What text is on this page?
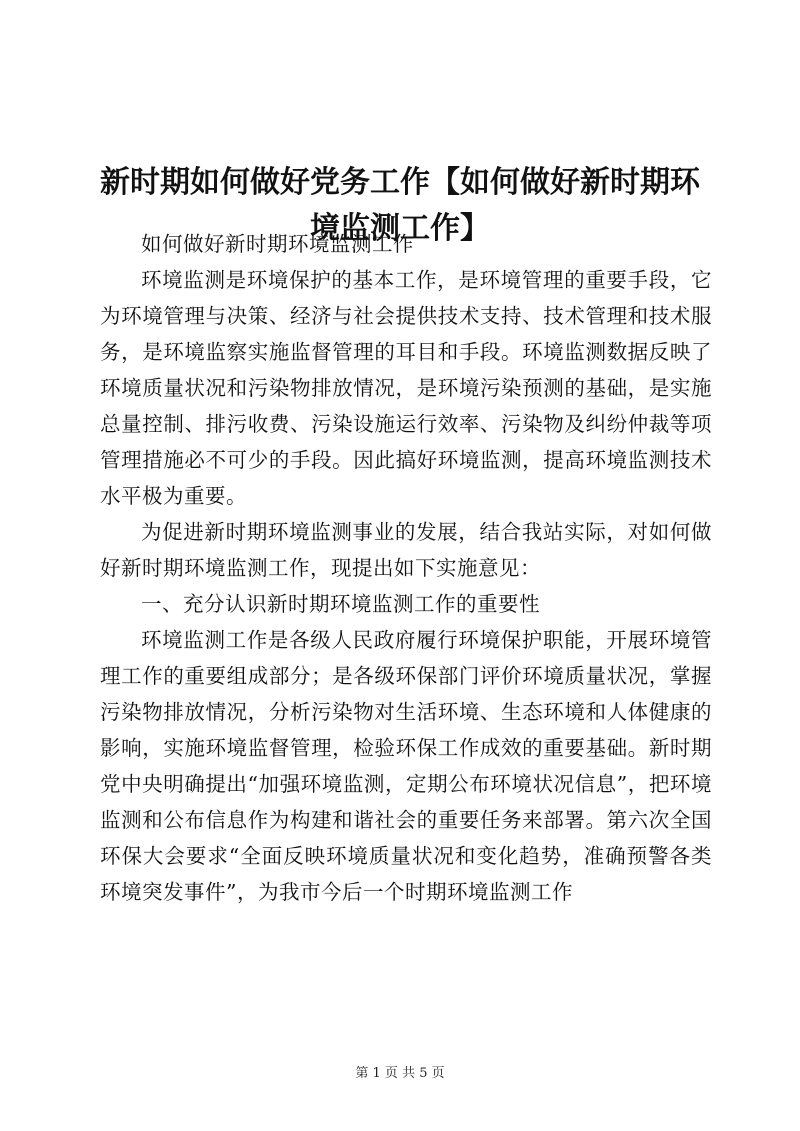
新时期如何做好党务工作【如何做好新时期环境监测工作】

如何做好新时期环境监测工作

环境监测是环境保护的基本工作，是环境管理的重要手段，它为环境管理与决策、经济与社会提供技术支持、技术管理和技术服务，是环境监察实施监督管理的耳目和手段。环境监测数据反映了环境质量状况和污染物排放情况，是环境污染预测的基础，是实施总量控制、排污收费、污染设施运行效率、污染物及纠纷仲裁等项管理措施必不可少的手段。因此搞好环境监测，提高环境监测技术水平极为重要。

为促进新时期环境监测事业的发展，结合我站实际，对如何做好新时期环境监测工作，现提出如下实施意见：

一、充分认识新时期环境监测工作的重要性

环境监测工作是各级人民政府履行环境保护职能，开展环境管理工作的重要组成部分；是各级环保部门评价环境质量状况，掌握污染物排放情况，分析污染物对生活环境、生态环境和人体健康的影响，实施环境监督管理，检验环保工作成效的重要基础。新时期党中央明确提出“加强环境监测，定期公布环境状况信息”，把环境监测和公布信息作为构建和谐社会的重要任务来部署。第六次全国环保大会要求“全面反映环境质量状况和变化趋势，准确预警各类环境突发事件”，为我市今后一个时期环境监测工作

第 1 页 共 5 页
